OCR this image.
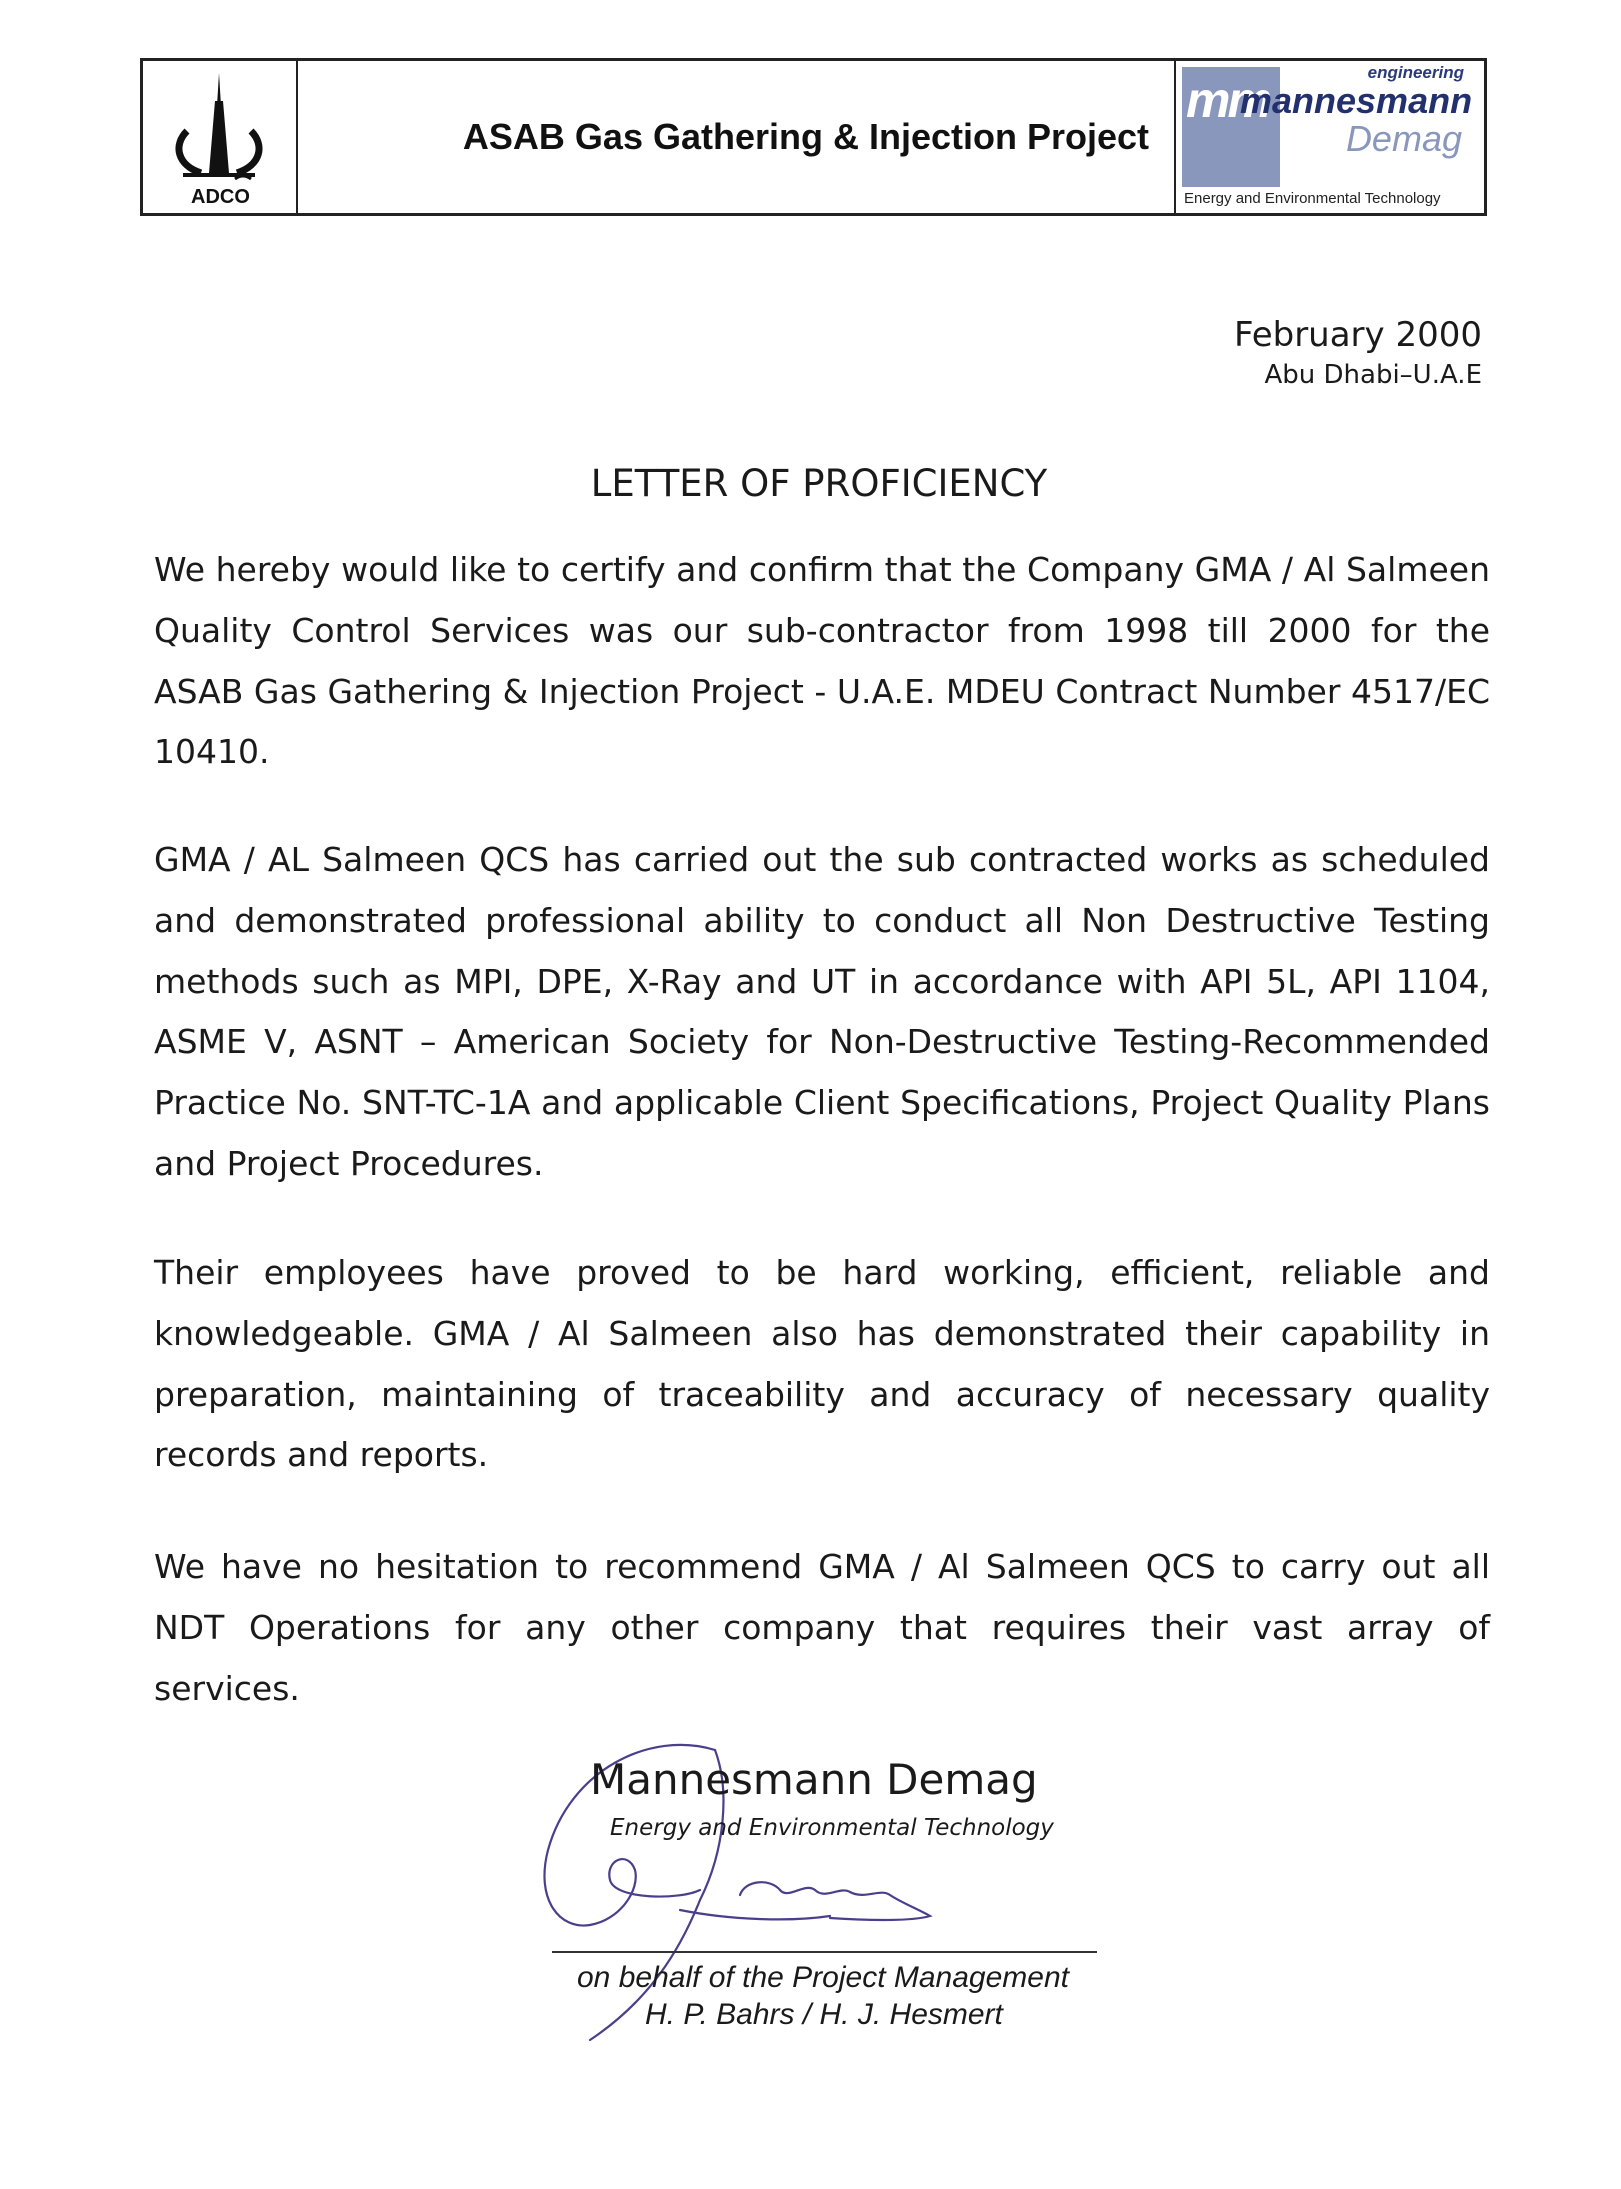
ADCO
ASAB Gas Gathering & Injection Project
mm	engineering
mannesmann
Demag
Energy and Environmental Technology
February 2000
Abu Dhabi–U.A.E
LETTER OF PROFICIENCY

We hereby would like to certify and confirm that the Company GMA / Al Salmeen Quality Control Services was our sub-contractor from 1998 till 2000 for the ASAB Gas Gathering & Injection Project - U.A.E. MDEU Contract Number 4517/EC 10410.

GMA / AL Salmeen QCS has carried out the sub contracted works as scheduled and demonstrated professional ability to conduct all Non Destructive Testing methods such as MPI, DPE, X-Ray and UT in accordance with API 5L, API 1104, ASME V, ASNT – American Society for Non-Destructive Testing-Recommended Practice No. SNT-TC-1A and applicable Client Specifications, Project Quality Plans and Project Procedures.

Their employees have proved to be hard working, efficient, reliable and knowledgeable. GMA / Al Salmeen also has demonstrated their capability in preparation, maintaining of traceability and accuracy of necessary quality records and reports.

We have no hesitation to recommend GMA / Al Salmeen QCS to carry out all NDT Operations for any other company that requires their vast array of services.

Mannesmann Demag
Energy and Environmental Technology
on behalf of the Project Management
H. P. Bahrs / H. J. Hesmert
